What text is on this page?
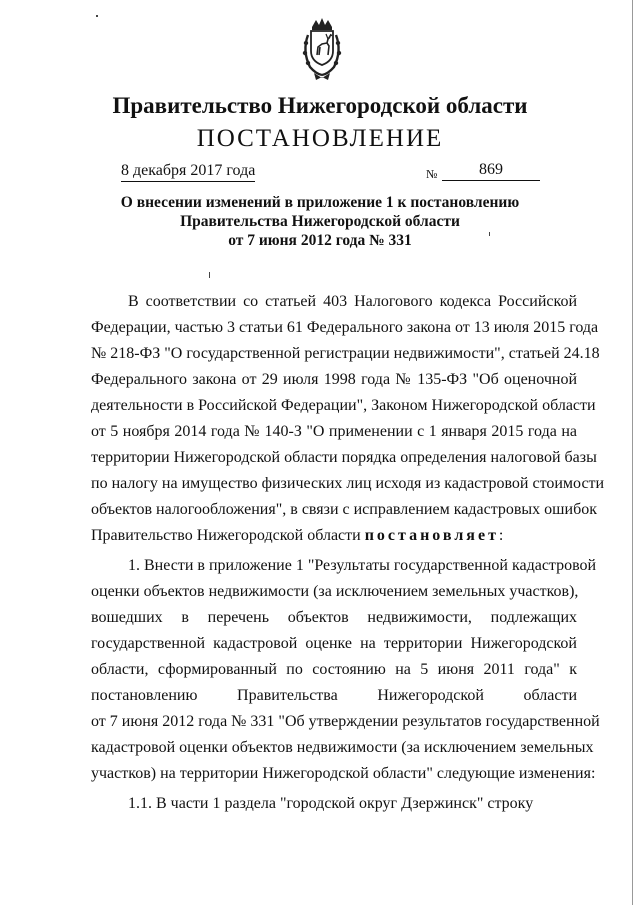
Правительство Нижегородской области
ПОСТАНОВЛЕНИЕ
8 декабря 2017 года	№	869
О внесении изменений в приложение 1 к постановлению
Правительства Нижегородской области
от 7 июня 2012 года № 331
В соответствии со статьей 403 Налогового кодекса Российской
Федерации, частью 3 статьи 61 Федерального закона от 13 июля 2015 года
№ 218-ФЗ "О государственной регистрации недвижимости", статьей 24.18
Федерального закона от 29 июля 1998 года № 135-ФЗ "Об оценочной
деятельности в Российской Федерации", Законом Нижегородской области
от 5 ноября 2014 года № 140-З "О применении с 1 января 2015 года на
территории Нижегородской области порядка определения налоговой базы
по налогу на имущество физических лиц исходя из кадастровой стоимости
объектов налогообложения", в связи с исправлением кадастровых ошибок
Правительство Нижегородской области постановляет:
1. Внести в приложение 1 "Результаты государственной кадастровой
оценки объектов недвижимости (за исключением земельных участков),
вошедших в перечень объектов недвижимости, подлежащих
государственной кадастровой оценке на территории Нижегородской
области, сформированный по состоянию на 5 июня 2011 года" к
постановлению Правительства Нижегородской области
от 7 июня 2012 года № 331 "Об утверждении результатов государственной
кадастровой оценки объектов недвижимости (за исключением земельных
участков) на территории Нижегородской области" следующие изменения:
1.1. В части 1 раздела "городской округ Дзержинск" строку
